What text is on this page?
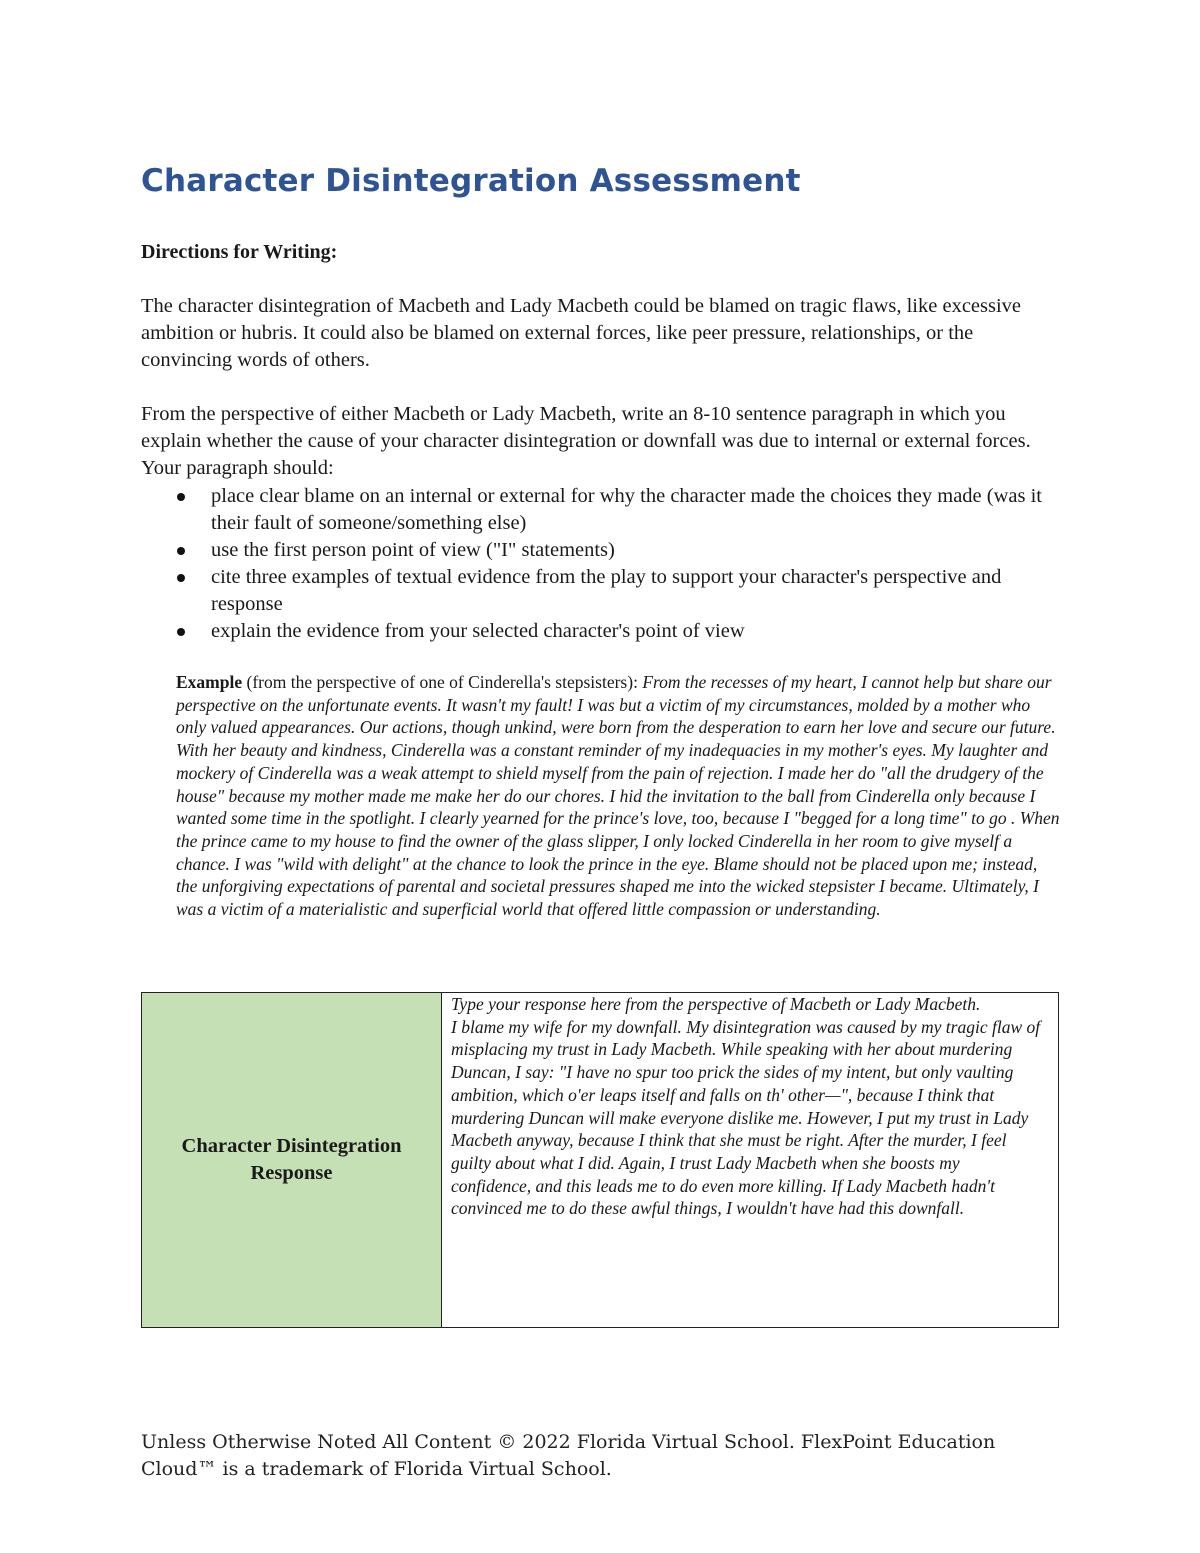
Character Disintegration Assessment

Directions for Writing:

The character disintegration of Macbeth and Lady Macbeth could be blamed on tragic flaws, like excessive ambition or hubris. It could also be blamed on external forces, like peer pressure, relationships, or the convincing words of others.

From the perspective of either Macbeth or Lady Macbeth, write an 8-10 sentence paragraph in which you explain whether the cause of your character disintegration or downfall was due to internal or external forces. Your paragraph should:

place clear blame on an internal or external for why the character made the choices they made (was it their fault of someone/something else)
use the first person point of view ("I" statements)
cite three examples of textual evidence from the play to support your character's perspective and response
explain the evidence from your selected character's point of view

Example (from the perspective of one of Cinderella's stepsisters): From the recesses of my heart, I cannot help but share our perspective on the unfortunate events. It wasn't my fault! I was but a victim of my circumstances, molded by a mother who only valued appearances. Our actions, though unkind, were born from the desperation to earn her love and secure our future. With her beauty and kindness, Cinderella was a constant reminder of my inadequacies in my mother's eyes. My laughter and mockery of Cinderella was a weak attempt to shield myself from the pain of rejection. I made her do "all the drudgery of the house" because my mother made me make her do our chores. I hid the invitation to the ball from Cinderella only because I wanted some time in the spotlight. I clearly yearned for the prince's love, too, because I "begged for a long time" to go . When the prince came to my house to find the owner of the glass slipper, I only locked Cinderella in her room to give myself a chance. I was "wild with delight" at the chance to look the prince in the eye. Blame should not be placed upon me; instead, the unforgiving expectations of parental and societal pressures shaped me into the wicked stepsister I became. Ultimately, I was a victim of a materialistic and superficial world that offered little compassion or understanding.

Character Disintegration Response

Type your response here from the perspective of Macbeth or Lady Macbeth.

I blame my wife for my downfall. My disintegration was caused by my tragic flaw of misplacing my trust in Lady Macbeth. While speaking with her about murdering Duncan, I say: "I have no spur too prick the sides of my intent, but only vaulting ambition, which o'er leaps itself and falls on th' other—", because I think that murdering Duncan will make everyone dislike me. However, I put my trust in Lady Macbeth anyway, because I think that she must be right. After the murder, I feel guilty about what I did. Again, I trust Lady Macbeth when she boosts my confidence, and this leads me to do even more killing. If Lady Macbeth hadn't convinced me to do these awful things, I wouldn't have had this downfall.

Unless Otherwise Noted All Content © 2022 Florida Virtual School. FlexPoint Education Cloud™ is a trademark of Florida Virtual School.
